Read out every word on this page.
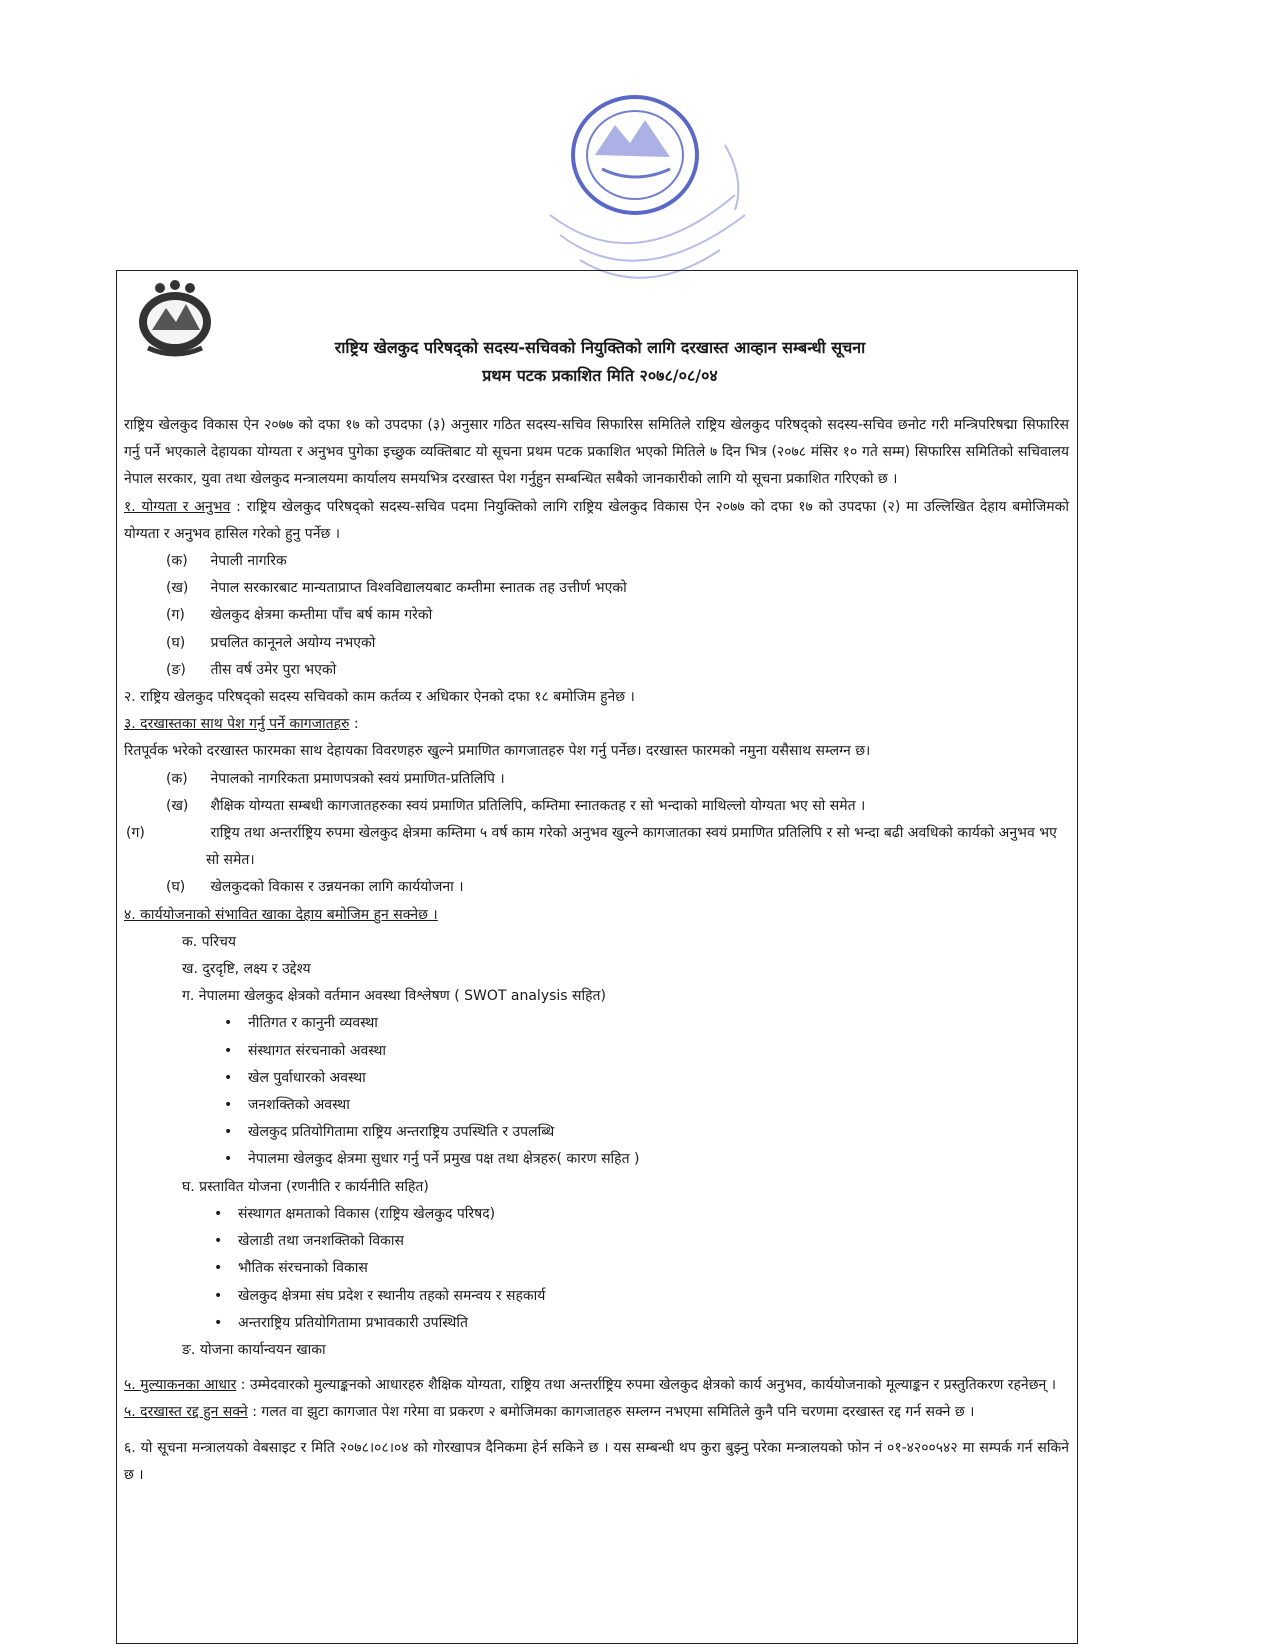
राष्ट्रिय खेलकुद परिषद्को सदस्य-सचिवको नियुक्तिको लागि दरखास्त आव्हान सम्बन्धी सूचना
प्रथम पटक प्रकाशित मिति २०७८/०८/०४

राष्ट्रिय खेलकुद विकास ऐन २०७७ को दफा १७ को उपदफा (३) अनुसार गठित सदस्य-सचिव सिफारिस समितिले राष्ट्रिय खेलकुद परिषद्को सदस्य-सचिव छनोट गरी मन्त्रिपरिषद्मा सिफारिस गर्नु पर्ने भएकाले देहायका योग्यता र अनुभव पुगेका इच्छुक व्यक्तिबाट यो सूचना प्रथम पटक प्रकाशित भएको मितिले ७ दिन भित्र (२०७८ मंसिर १० गते सम्म) सिफारिस समितिको सचिवालय नेपाल सरकार, युवा तथा खेलकुद मन्त्रालयमा कार्यालय समयभित्र दरखास्त पेश गर्नुहुन सम्बन्धित सबैको जानकारीको लागि यो सूचना प्रकाशित गरिएको छ ।

१. योग्यता र अनुभव : राष्ट्रिय खेलकुद परिषद्को सदस्य-सचिव पदमा नियुक्तिको लागि राष्ट्रिय खेलकुद विकास ऐन २०७७ को दफा १७ को उपदफा (२) मा उल्लिखित देहाय बमोजिमको योग्यता र अनुभव हासिल गरेको हुनु पर्नेछ ।

(क) नेपाली नागरिक
(ख) नेपाल सरकारबाट मान्यताप्राप्त विश्वविद्यालयबाट कम्तीमा स्नातक तह उत्तीर्ण भएको
(ग) खेलकुद क्षेत्रमा कम्तीमा पाँच बर्ष काम गरेको
(घ) प्रचलित कानूनले अयोग्य नभएको
(ङ) तीस वर्ष उमेर पुरा भएको

२. राष्ट्रिय खेलकुद परिषद्को सदस्य सचिवको काम कर्तव्य र अधिकार ऐनको दफा १८ बमोजिम हुनेछ ।

३. दरखास्तका साथ पेश गर्नु पर्ने कागजातहरु :

रितपूर्वक भरेको दरखास्त फारमका साथ देहायका विवरणहरु खुल्ने प्रमाणित कागजातहरु पेश गर्नु पर्नेछ। दरखास्त फारमको नमुना यसैसाथ सम्लग्न छ।

(क) नेपालको नागरिकता प्रमाणपत्रको स्वयं प्रमाणित-प्रतिलिपि ।
(ख) शैक्षिक योग्यता सम्बधी कागजातहरुका स्वयं प्रमाणित प्रतिलिपि, कम्तिमा स्नातकतह र सो भन्दाको माथिल्लो योग्यता भए सो समेत ।
(ग)	राष्ट्रिय तथा अन्तर्राष्ट्रिय रुपमा खेलकुद क्षेत्रमा कम्तिमा ५ वर्ष काम गरेको अनुभव खुल्ने कागजातका स्वयं प्रमाणित प्रतिलिपि र सो भन्दा बढी अवधिको कार्यको अनुभव भए सो समेत।
(घ) खेलकुदको विकास र उन्नयनका लागि कार्ययोजना ।

४. कार्ययोजनाको संभावित खाका देहाय बमोजिम हुन सक्नेछ ।

क. परिचय
ख. दुरदृष्टि, लक्ष्य र उद्देश्य
ग. नेपालमा खेलकुद क्षेत्रको वर्तमान अवस्था विश्लेषण ( SWOT analysis सहित)
• नीतिगत र कानुनी व्यवस्था
• संस्थागत संरचनाको अवस्था
• खेल पुर्वाधारको अवस्था
• जनशक्तिको अवस्था
• खेलकुद प्रतियोगितामा राष्ट्रिय अन्तराष्ट्रिय उपस्थिति र उपलब्धि
• नेपालमा खेलकुद क्षेत्रमा सुधार गर्नु पर्ने प्रमुख पक्ष तथा क्षेत्रहरु( कारण सहित )
घ. प्रस्तावित योजना (रणनीति र कार्यनीति सहित)
• संस्थागत क्षमताको विकास (राष्ट्रिय खेलकुद परिषद)
• खेलाडी तथा जनशक्तिको विकास
• भौतिक संरचनाको विकास
• खेलकुद क्षेत्रमा संघ प्रदेश र स्थानीय तहको समन्वय र सहकार्य
• अन्तराष्ट्रिय प्रतियोगितामा प्रभावकारी उपस्थिति
ङ. योजना कार्यान्वयन खाका

५. मुल्याकनका आधार : उम्मेदवारको मुल्याङ्कनको आधारहरु शैक्षिक योग्यता, राष्ट्रिय तथा अन्तर्राष्ट्रिय रुपमा खेलकुद क्षेत्रको कार्य अनुभव, कार्ययोजनाको मूल्याङ्कन र प्रस्तुतिकरण रहनेछन् ।

५. दरखास्त रद्द हुन सक्ने : गलत वा झुटा कागजात पेश गरेमा वा प्रकरण २ बमोजिमका कागजातहरु सम्लग्न नभएमा समितिले कुनै पनि चरणमा दरखास्त रद्द गर्न सक्ने छ ।

६. यो सूचना मन्त्रालयको वेबसाइट र मिति २०७८।०८।०४ को गोरखापत्र दैनिकमा हेर्न सकिने छ । यस सम्बन्धी थप कुरा बुझ्नु परेका मन्त्रालयको फोन नं ०१-४२००५४२ मा सम्पर्क गर्न सकिने छ ।
